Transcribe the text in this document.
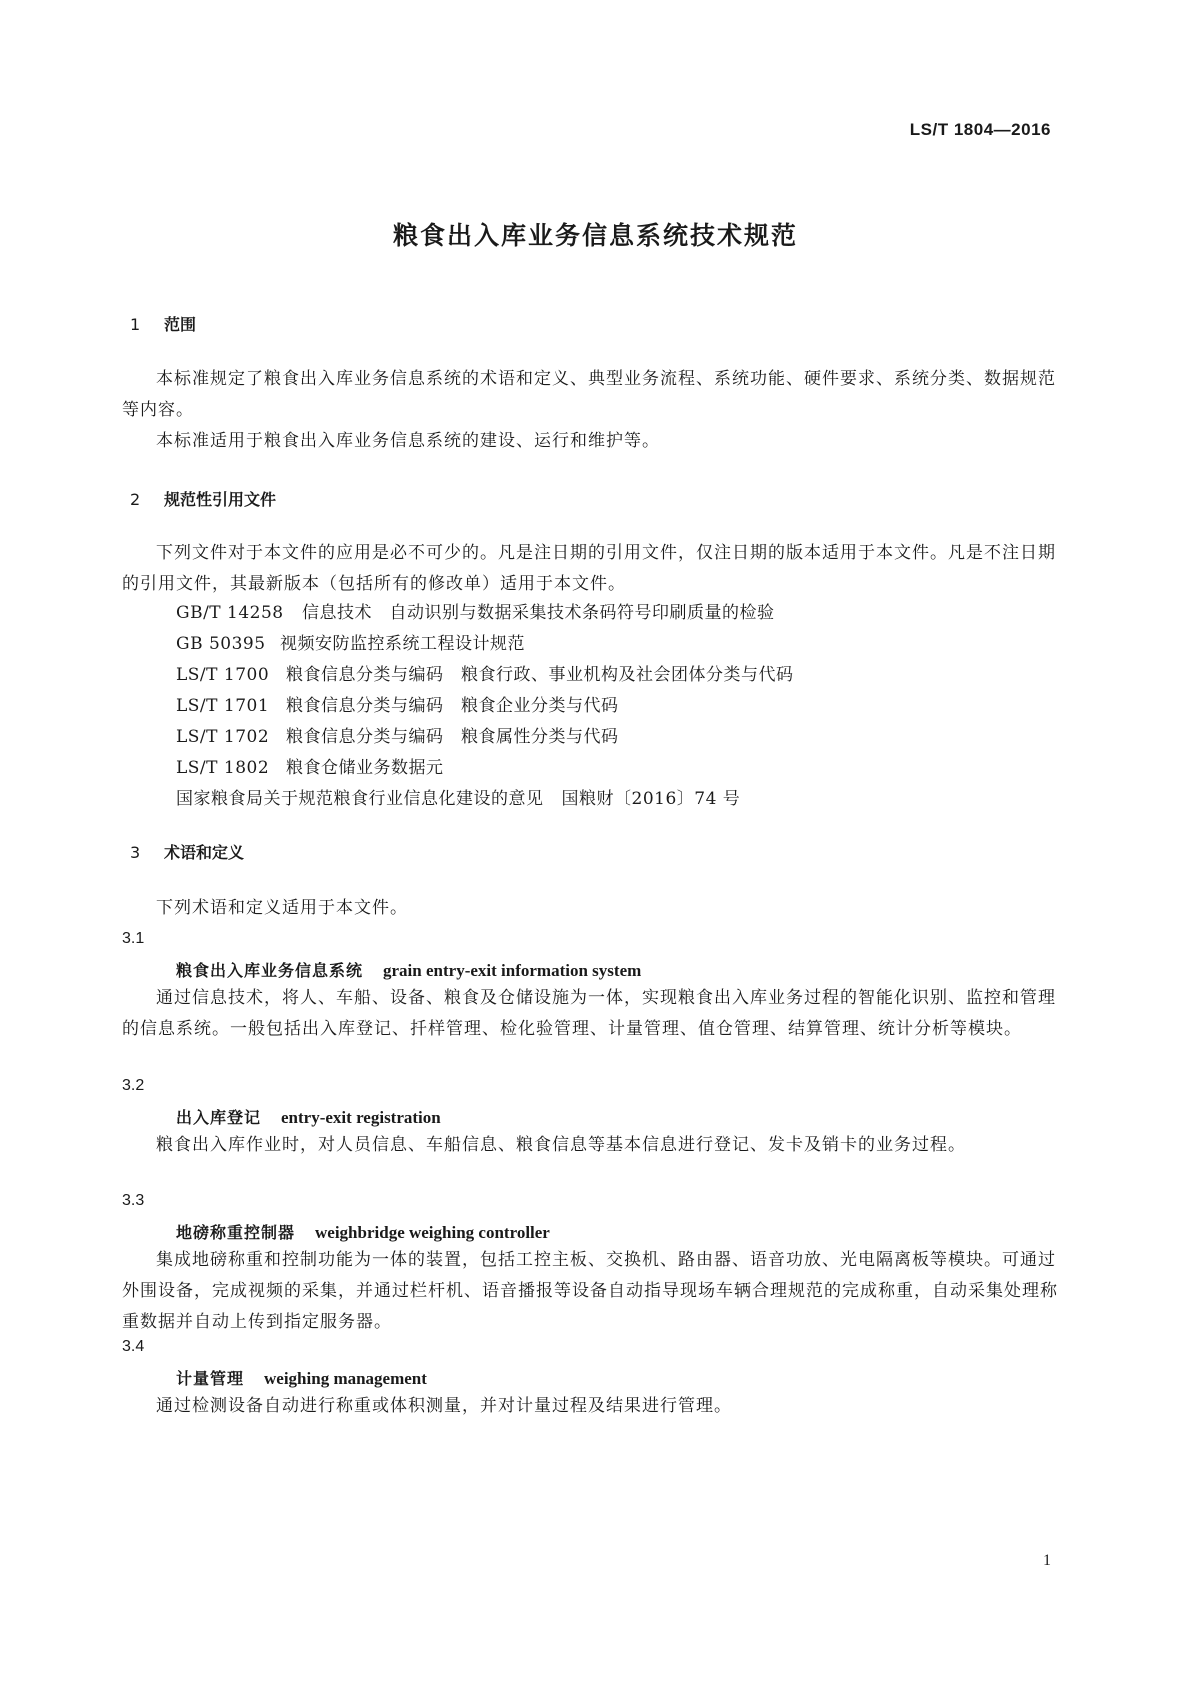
LS/T 1804—2016
粮食出入库业务信息系统技术规范
1 范围
本标准规定了粮食出入库业务信息系统的术语和定义、典型业务流程、系统功能、硬件要求、系统分类、数据规范等内容。
本标准适用于粮食出入库业务信息系统的建设、运行和维护等。
2 规范性引用文件
下列文件对于本文件的应用是必不可少的。凡是注日期的引用文件，仅注日期的版本适用于本文件。凡是不注日期的引用文件，其最新版本（包括所有的修改单）适用于本文件。
GB/T 14258 信息技术　自动识别与数据采集技术条码符号印刷质量的检验
GB 50395 视频安防监控系统工程设计规范
LS/T 1700 粮食信息分类与编码　粮食行政、事业机构及社会团体分类与代码
LS/T 1701 粮食信息分类与编码　粮食企业分类与代码
LS/T 1702 粮食信息分类与编码　粮食属性分类与代码
LS/T 1802 粮食仓储业务数据元
国家粮食局关于规范粮食行业信息化建设的意见 国粮财〔2016〕74 号
3 术语和定义
下列术语和定义适用于本文件。
3.1
粮食出入库业务信息系统 grain entry-exit information system
通过信息技术，将人、车船、设备、粮食及仓储设施为一体，实现粮食出入库业务过程的智能化识别、监控和管理的信息系统。一般包括出入库登记、扦样管理、检化验管理、计量管理、值仓管理、结算管理、统计分析等模块。
3.2
出入库登记 entry-exit registration
粮食出入库作业时，对人员信息、车船信息、粮食信息等基本信息进行登记、发卡及销卡的业务过程。
3.3
地磅称重控制器 weighbridge weighing controller
集成地磅称重和控制功能为一体的装置，包括工控主板、交换机、路由器、语音功放、光电隔离板等模块。可通过外围设备，完成视频的采集，并通过栏杆机、语音播报等设备自动指导现场车辆合理规范的完成称重，自动采集处理称重数据并自动上传到指定服务器。
3.4
计量管理 weighing management
通过检测设备自动进行称重或体积测量，并对计量过程及结果进行管理。
1
